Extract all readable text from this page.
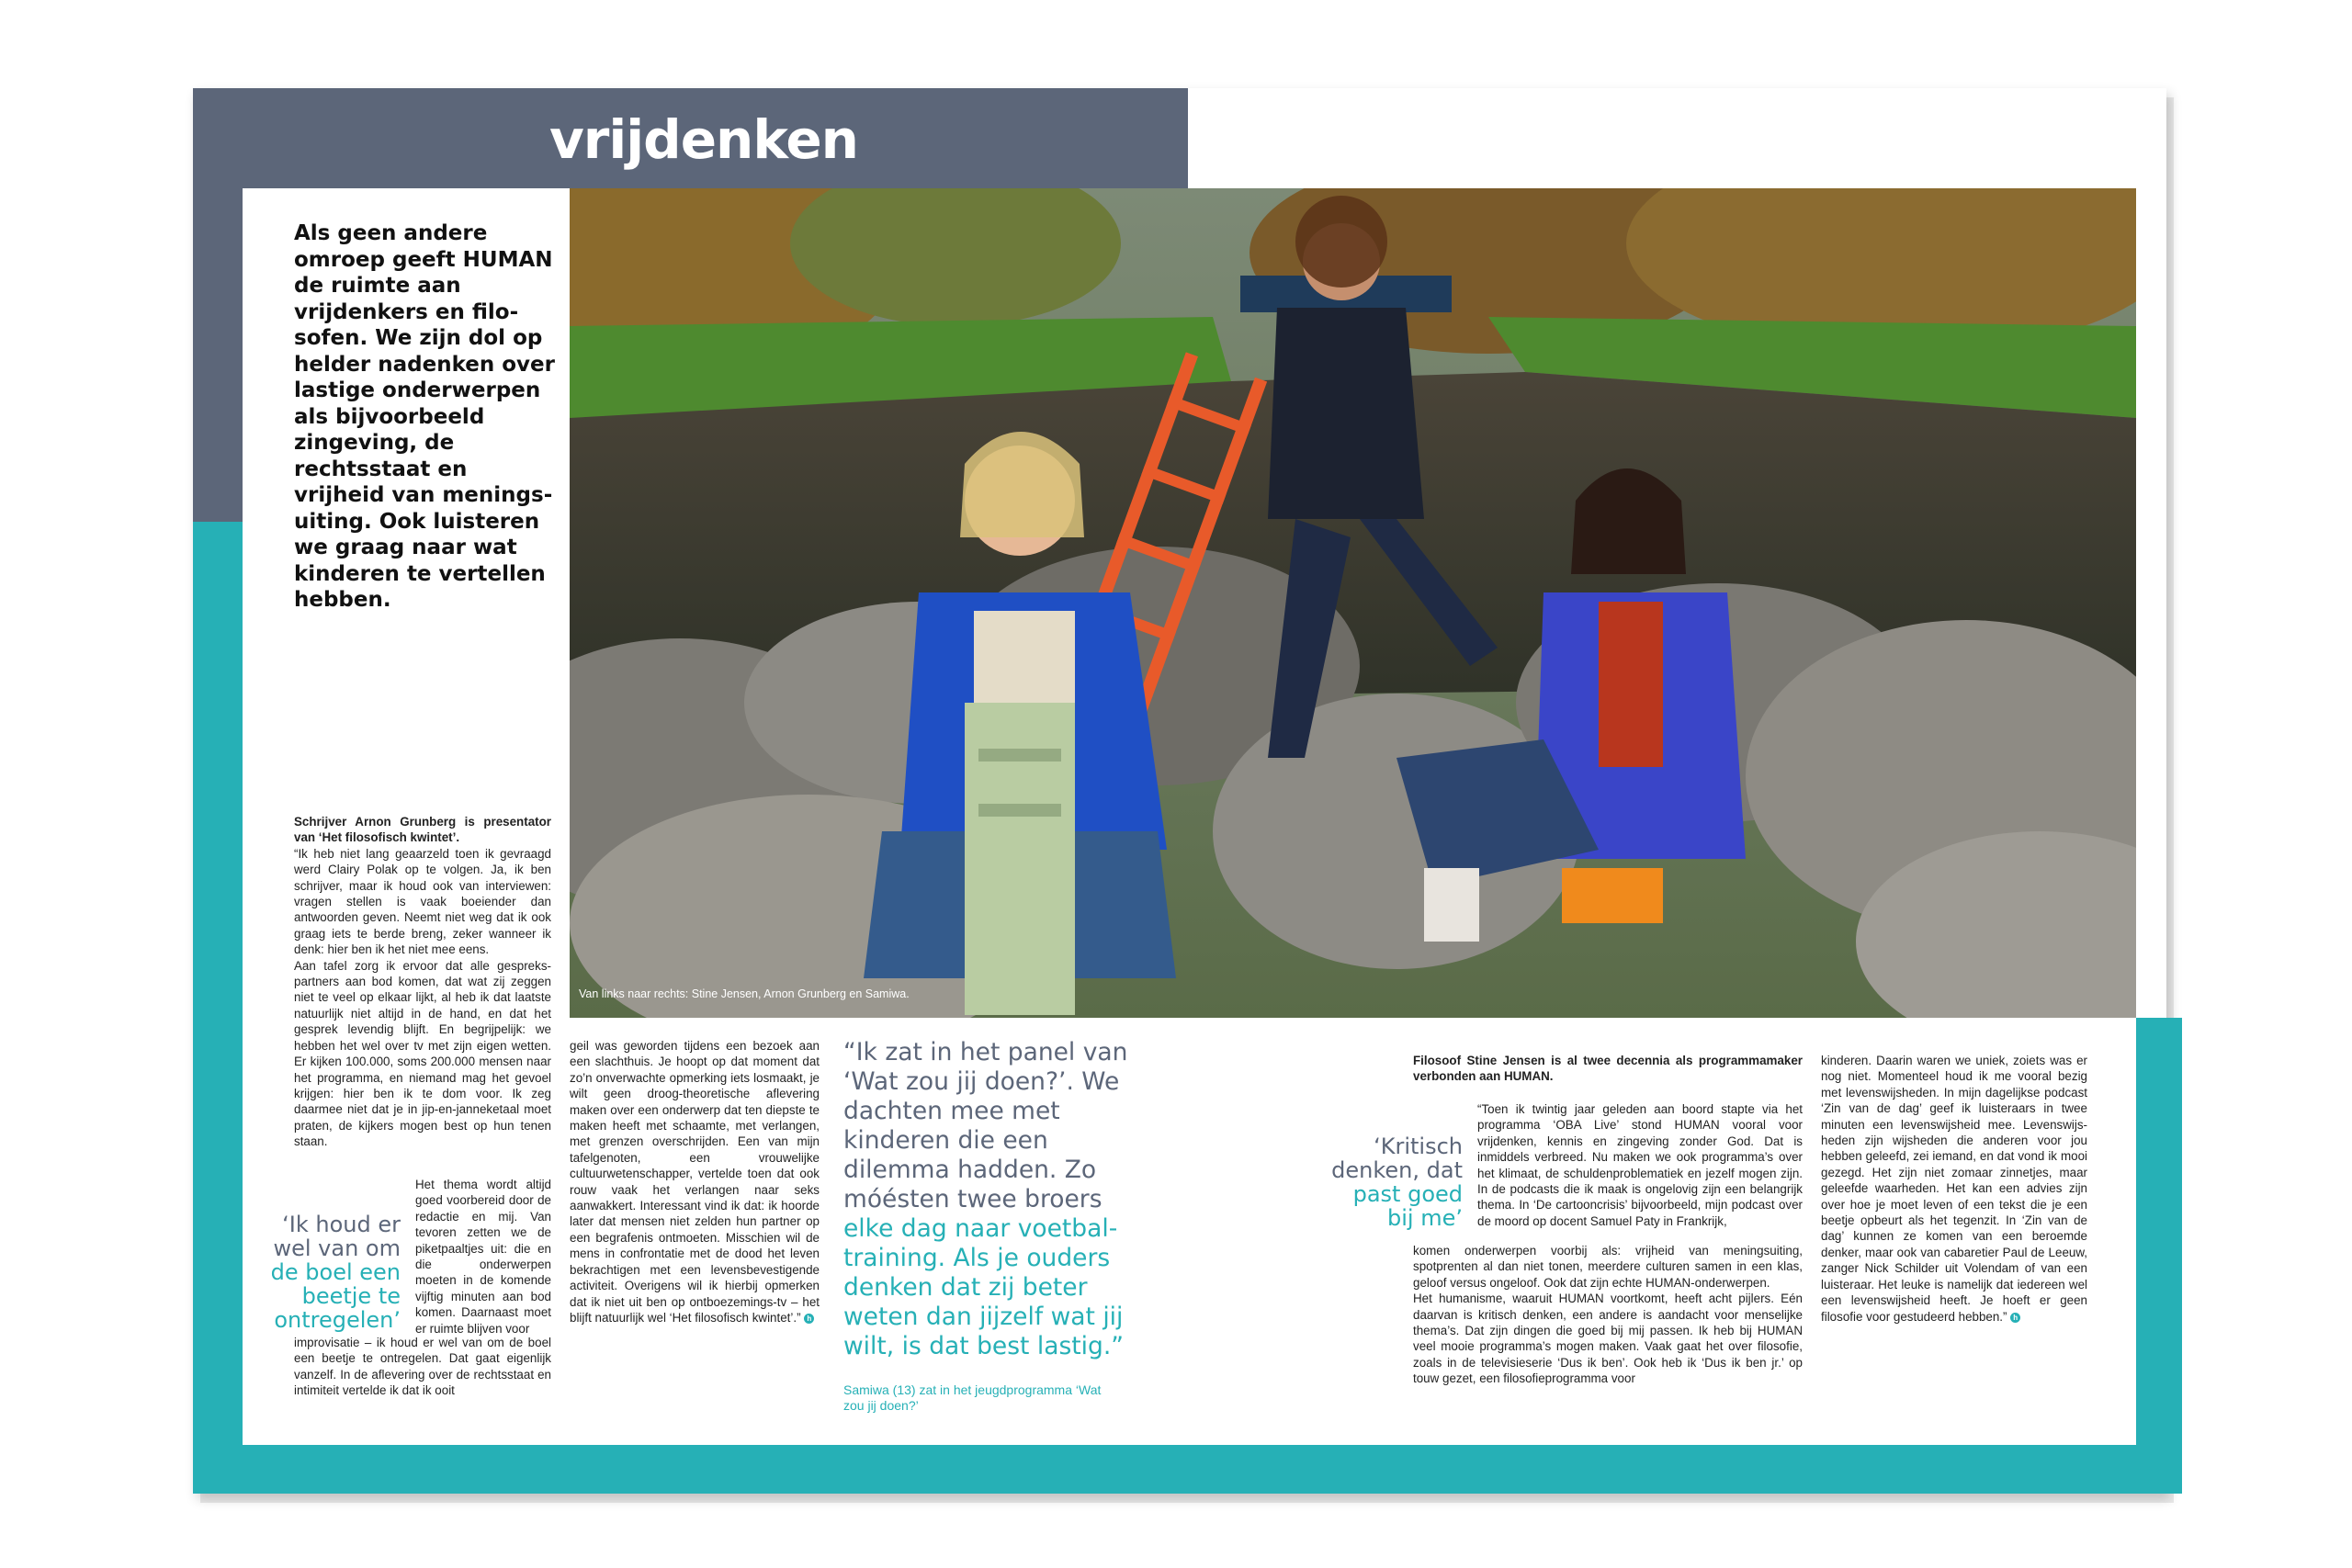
vrijdenken
Als geen andere omroep geeft HUMAN de ruimte aan vrijdenkers en filosofen. We zijn dol op helder nadenken over lastige onderwerpen als bijvoorbeeld zingeving, de rechtsstaat en vrijheid van meningsuiting. Ook luisteren we graag naar wat kinderen te vertellen hebben.
Van links naar rechts: Stine Jensen, Arnon Grunberg en Samiwa.

Schrijver Arnon Grunberg is presentator van ‘Het filosofisch kwintet’.

“Ik heb niet lang geaarzeld toen ik gevraagd werd Clairy Polak op te volgen. Ja, ik ben schrijver, maar ik houd ook van interviewen: vragen stellen is vaak boeiender dan antwoorden geven. Neemt niet weg dat ik ook graag iets te berde breng, zeker wanneer ik denk: hier ben ik het niet mee eens.

Aan tafel zorg ik ervoor dat alle gesprekspartners aan bod komen, dat wat zij zeggen niet te veel op elkaar lijkt, al heb ik dat laatste natuurlijk niet altijd in de hand, en dat het gesprek levendig blijft. En begrijpelijk: we hebben het wel over tv met zijn eigen wetten. Er kijken 100.000, soms 200.000 mensen naar het programma, en niemand mag het gevoel krijgen: hier ben ik te dom voor. Ik zeg daarmee niet dat je in jip-en-janneketaal moet praten, de kijkers mogen best op hun tenen staan.

Het thema wordt altijd goed voorbereid door de redactie en mij. Van tevoren zetten we de piketpaaltjes uit: die en die onderwerpen moeten in de komende vijftig minuten aan bod komen. Daarnaast moet er ruimte blijven voor

‘Ik houd er wel van om de boel een beetje te ontregelen’

improvisatie – ik houd er wel van om de boel een beetje te ontregelen. Dat gaat eigenlijk vanzelf. In de aflevering over de rechtsstaat en intimiteit vertelde ik dat ik ooit

geil was geworden tijdens een bezoek aan een slachthuis. Je hoopt op dat moment dat zo’n onverwachte opmerking iets losmaakt, je wilt geen droog-theoretische aflevering maken over een onderwerp dat ten diepste te maken heeft met schaamte, met verlangen, met grenzen overschrijden. Een van mijn tafelgenoten, een vrouwelijke cultuurwetenschapper, vertelde toen dat ook rouw vaak het verlangen naar seks aanwakkert. Interessant vind ik dat: ik hoorde later dat mensen niet zelden hun partner op een begrafenis ontmoeten. Misschien wil de mens in confrontatie met de dood het leven bekrachtigen met een levensbevestigende activiteit. Overigens wil ik hierbij opmerken dat ik niet uit ben op ontboezemings-tv – het blijft natuurlijk wel ‘Het filosofisch kwintet’.” h

“Ik zat in het panel van ‘Wat zou jij doen?’. We dachten mee met kinderen die een dilemma hadden. Zo móésten twee broers elke dag naar voetbaltraining. Als je ouders denken dat zij beter weten dan jijzelf wat jij wilt, is dat best lastig.”
Samiwa (13) zat in het jeugdprogramma ‘Wat zou jij doen?’

Filosoof Stine Jensen is al twee decennia als programmamaker verbonden aan HUMAN.

“Toen ik twintig jaar geleden aan boord stapte via het programma ‘OBA Live’ stond HUMAN vooral voor vrijdenken, kennis en zingeving zonder God. Dat is inmiddels verbreed. Nu maken we ook programma’s over het klimaat, de schuldenproblematiek en jezelf mogen zijn. In de podcasts die ik maak is ongelovig zijn een belangrijk thema. In ‘De cartooncrisis’ bijvoorbeeld, mijn podcast over de moord op docent Samuel Paty in Frankrijk,

‘Kritisch denken, dat past goed bij me’

komen onderwerpen voorbij als: vrijheid van meningsuiting, spotprenten al dan niet tonen, meerdere culturen samen in een klas, geloof versus ongeloof. Ook dat zijn echte HUMAN-onderwerpen.

Het humanisme, waaruit HUMAN voortkomt, heeft acht pijlers. Eén daarvan is kritisch denken, een andere is aandacht voor menselijke thema’s. Dat zijn dingen die goed bij mij passen. Ik heb bij HUMAN veel mooie programma’s mogen maken. Vaak gaat het over filosofie, zoals in de televisieserie ‘Dus ik ben’. Ook heb ik ‘Dus ik ben jr.’ op touw gezet, een filosofieprogramma voor

kinderen. Daarin waren we uniek, zoiets was er nog niet. Momenteel houd ik me vooral bezig met levenswijsheden. In mijn dagelijkse podcast ‘Zin van de dag’ geef ik luisteraars in twee minuten een levenswijsheid mee. Levenswijsheden zijn wijsheden die anderen voor jou hebben geleefd, zei iemand, en dat vond ik mooi gezegd. Het zijn niet zomaar zinnetjes, maar geleefde waarheden. Het kan een advies zijn over hoe je moet leven of een tekst die je een beetje opbeurt als het tegenzit. In ‘Zin van de dag’ kunnen ze komen van een beroemde denker, maar ook van cabaretier Paul de Leeuw, zanger Nick Schilder uit Volendam of van een luisteraar. Het leuke is namelijk dat iedereen wel een levenswijsheid heeft. Je hoeft er geen filosofie voor gestudeerd hebben.” h
